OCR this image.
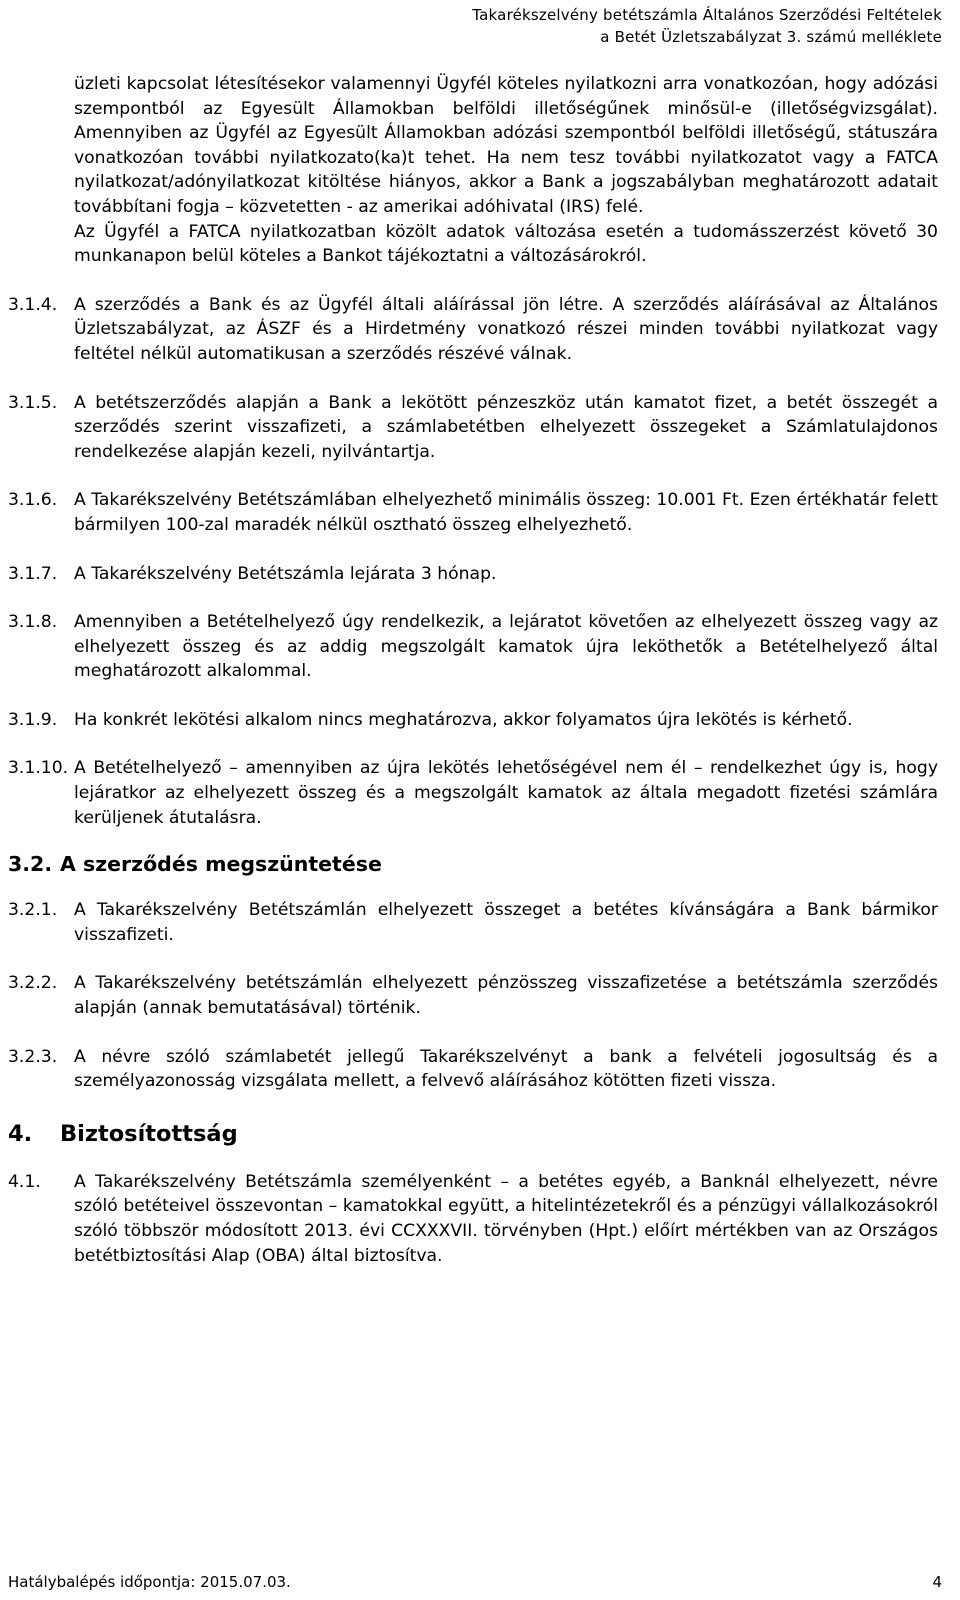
Takarékszelvény betétszámla Általános Szerződési Feltételek
a Betét Üzletszabályzat 3. számú melléklete

üzleti kapcsolat létesítésekor valamennyi Ügyfél köteles nyilatkozni arra vonatkozóan, hogy adózási szempontból az Egyesült Államokban belföldi illetőségűnek minősül-e (illetőségvizsgálat). Amennyiben az Ügyfél az Egyesült Államokban adózási szempontból belföldi illetőségű, státuszára vonatkozóan további nyilatkozato(ka)t tehet. Ha nem tesz további nyilatkozatot vagy a FATCA nyilatkozat/adónyilatkozat kitöltése hiányos, akkor a Bank a jogszabályban meghatározott adatait továbbítani fogja – közvetetten - az amerikai adóhivatal (IRS) felé.

Az Ügyfél a FATCA nyilatkozatban közölt adatok változása esetén a tudomásszerzést követő 30 munkanapon belül köteles a Bankot tájékoztatni a változásárokról.

3.1.4. A szerződés a Bank és az Ügyfél általi aláírással jön létre. A szerződés aláírásával az Általános Üzletszabályzat, az ÁSZF és a Hirdetmény vonatkozó részei minden további nyilatkozat vagy feltétel nélkül automatikusan a szerződés részévé válnak.
3.1.5. A betétszerződés alapján a Bank a lekötött pénzeszköz után kamatot fizet, a betét összegét a szerződés szerint visszafizeti, a számlabetétben elhelyezett összegeket a Számlatulajdonos rendelkezése alapján kezeli, nyilvántartja.
3.1.6. A Takarékszelvény Betétszámlában elhelyezhető minimális összeg: 10.001 Ft. Ezen értékhatár felett bármilyen 100-zal maradék nélkül osztható összeg elhelyezhető.
3.1.7. A Takarékszelvény Betétszámla lejárata 3 hónap.
3.1.8. Amennyiben a Betételhelyező úgy rendelkezik, a lejáratot követően az elhelyezett összeg vagy az elhelyezett összeg és az addig megszolgált kamatok újra leköthetők a Betételhelyező által meghatározott alkalommal.
3.1.9. Ha konkrét lekötési alkalom nincs meghatározva, akkor folyamatos újra lekötés is kérhető.
3.1.10. A Betételhelyező – amennyiben az újra lekötés lehetőségével nem él – rendelkezhet úgy is, hogy lejáratkor az elhelyezett összeg és a megszolgált kamatok az általa megadott fizetési számlára kerüljenek átutalásra.
3.2. A szerződés megszüntetése
3.2.1. A Takarékszelvény Betétszámlán elhelyezett összeget a betétes kívánságára a Bank bármikor visszafizeti.
3.2.2. A Takarékszelvény betétszámlán elhelyezett pénzösszeg visszafizetése a betétszámla szerződés alapján (annak bemutatásával) történik.
3.2.3. A névre szóló számlabetét jellegű Takarékszelvényt a bank a felvételi jogosultság és a személyazonosság vizsgálata mellett, a felvevő aláírásához kötötten fizeti vissza.
4. Biztosítottság
4.1. A Takarékszelvény Betétszámla személyenként – a betétes egyéb, a Banknál elhelyezett, névre szóló betéteivel összevontan – kamatokkal együtt, a hitelintézetekről és a pénzügyi vállalkozásokról szóló többször módosított 2013. évi CCXXXVII. törvényben (Hpt.) előírt mértékben van az Országos betétbiztosítási Alap (OBA) által biztosítva.
Hatálybalépés időpontja: 2015.07.03.	4
